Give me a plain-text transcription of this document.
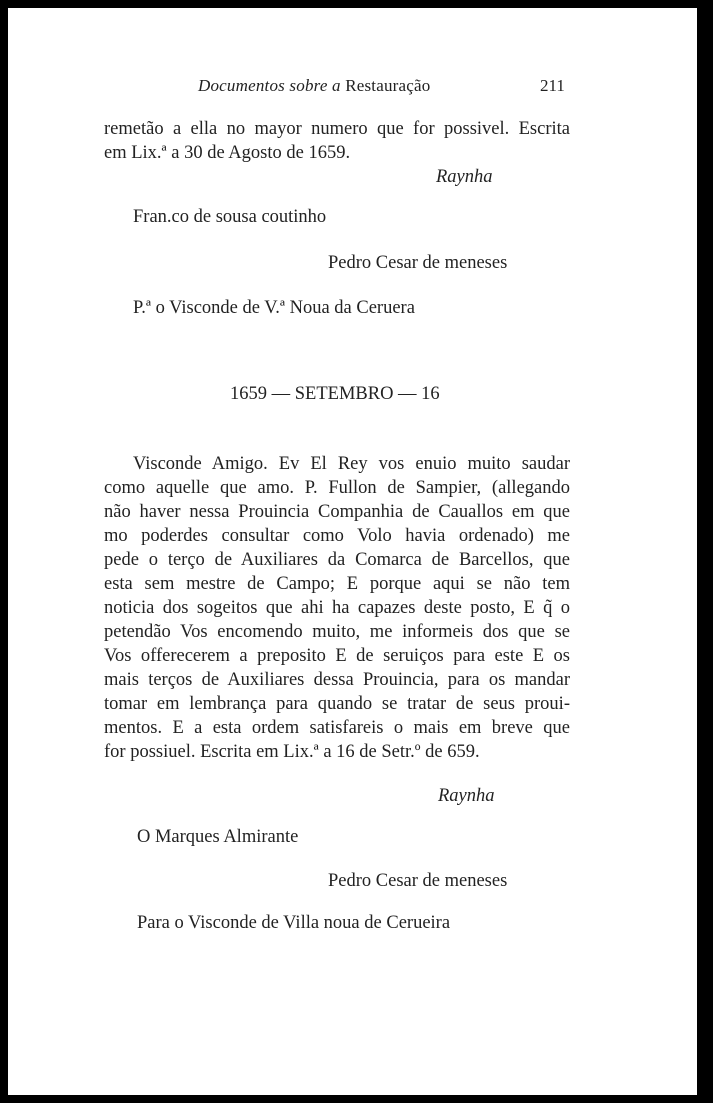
Documentos sobre a Restauração	211
remetão a ella no mayor numero que for possivel. Escrita
em Lix.ª a 30 de Agosto de 1659.
Raynha
Fran.co de sousa coutinho
Pedro Cesar de meneses
P.ª o Visconde de V.ª Noua da Ceruera
1659 — SETEMBRO — 16
Visconde Amigo. Ev El Rey vos enuio muito saudar
como aquelle que amo. P. Fullon de Sampier, (allegando
não haver nessa Prouincia Companhia de Cauallos em que
mo poderdes consultar como Volo havia ordenado) me
pede o terço de Auxiliares da Comarca de Barcellos, que
esta sem mestre de Campo; E porque aqui se não tem
noticia dos sogeitos que ahi ha capazes deste posto, E q̃ o
petendão Vos encomendo muito, me informeis dos que se
Vos offerecerem a preposito E de seruiços para este E os
mais terços de Auxiliares dessa Prouincia, para os mandar
tomar em lembrança para quando se tratar de seus proui-
mentos. E a esta ordem satisfareis o mais em breve que
for possiuel. Escrita em Lix.ª a 16 de Setr.º de 659.
Raynha
O Marques Almirante
Pedro Cesar de meneses
Para o Visconde de Villa noua de Cerueira
